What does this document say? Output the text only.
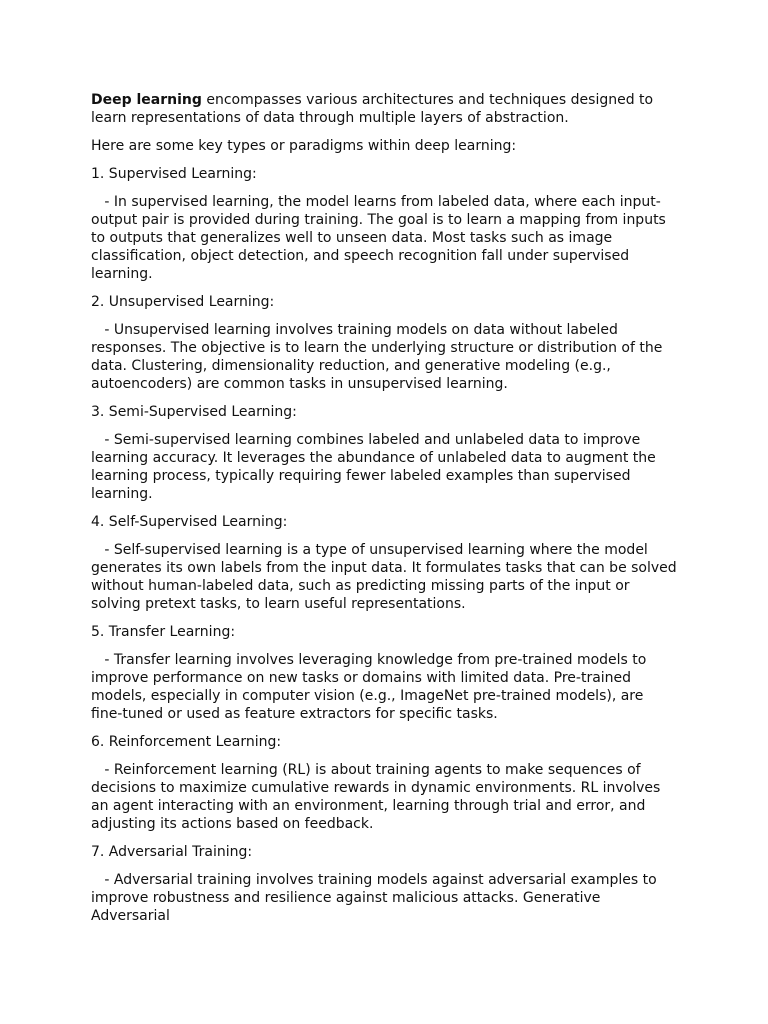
Deep learning encompasses various architectures and techniques designed to learn representations of data through multiple layers of abstraction.

Here are some key types or paradigms within deep learning:

1. Supervised Learning:

- In supervised learning, the model learns from labeled data, where each input-output pair is provided during training. The goal is to learn a mapping from inputs to outputs that generalizes well to unseen data. Most tasks such as image classification, object detection, and speech recognition fall under supervised learning.

2. Unsupervised Learning:

- Unsupervised learning involves training models on data without labeled responses. The objective is to learn the underlying structure or distribution of the data. Clustering, dimensionality reduction, and generative modeling (e.g., autoencoders) are common tasks in unsupervised learning.

3. Semi-Supervised Learning:

- Semi-supervised learning combines labeled and unlabeled data to improve learning accuracy. It leverages the abundance of unlabeled data to augment the learning process, typically requiring fewer labeled examples than supervised learning.

4. Self-Supervised Learning:

- Self-supervised learning is a type of unsupervised learning where the model generates its own labels from the input data. It formulates tasks that can be solved without human-labeled data, such as predicting missing parts of the input or solving pretext tasks, to learn useful representations.

5. Transfer Learning:

- Transfer learning involves leveraging knowledge from pre-trained models to improve performance on new tasks or domains with limited data. Pre-trained models, especially in computer vision (e.g., ImageNet pre-trained models), are fine-tuned or used as feature extractors for specific tasks.

6. Reinforcement Learning:

- Reinforcement learning (RL) is about training agents to make sequences of decisions to maximize cumulative rewards in dynamic environments. RL involves an agent interacting with an environment, learning through trial and error, and adjusting its actions based on feedback.

7. Adversarial Training:

- Adversarial training involves training models against adversarial examples to improve robustness and resilience against malicious attacks. Generative Adversarial
